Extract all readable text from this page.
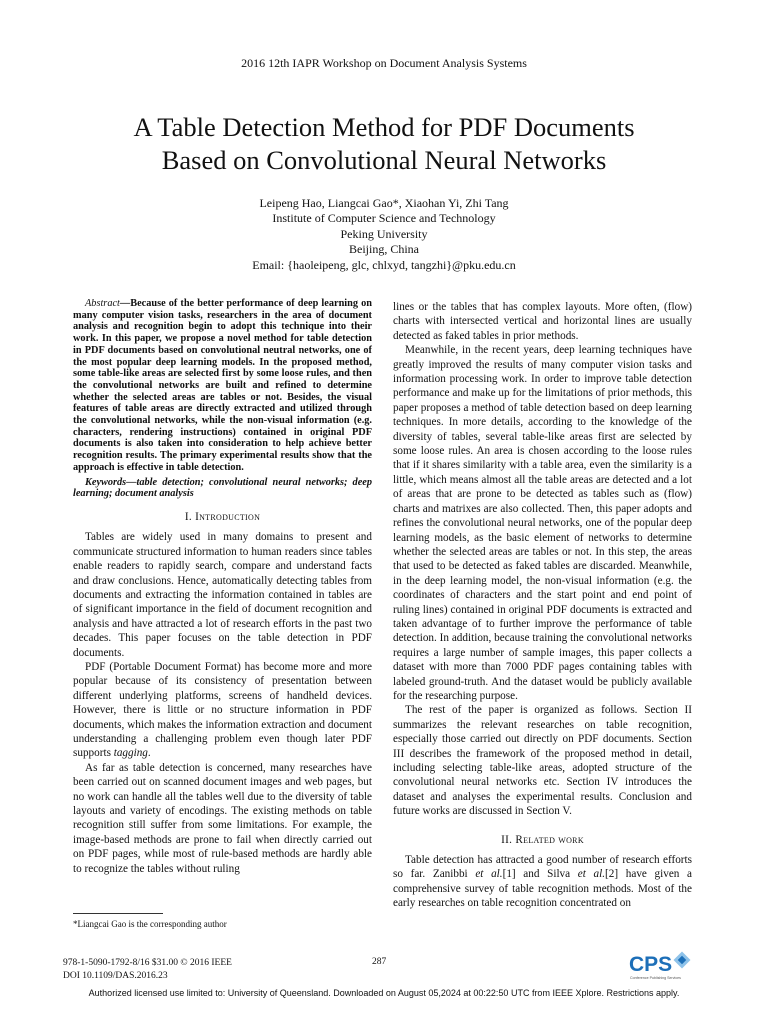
2016 12th IAPR Workshop on Document Analysis Systems
A Table Detection Method for PDF Documents
Based on Convolutional Neural Networks
Leipeng Hao, Liangcai Gao*, Xiaohan Yi, Zhi Tang
Institute of Computer Science and Technology
Peking University
Beijing, China
Email: {haoleipeng, glc, chlxyd, tangzhi}@pku.edu.cn

Abstract—Because of the better performance of deep learning on many computer vision tasks, researchers in the area of document analysis and recognition begin to adopt this technique into their work. In this paper, we propose a novel method for table detection in PDF documents based on convolutional neutral networks, one of the most popular deep learning models. In the proposed method, some table-like areas are selected first by some loose rules, and then the convolutional networks are built and refined to determine whether the selected areas are tables or not. Besides, the visual features of table areas are directly extracted and utilized through the convolutional networks, while the non-visual information (e.g. characters, rendering instructions) contained in original PDF documents is also taken into consideration to help achieve better recognition results. The primary experimental results show that the approach is effective in table detection.

Keywords—table detection; convolutional neural networks; deep learning; document analysis

I. Introduction

Tables are widely used in many domains to present and communicate structured information to human readers since tables enable readers to rapidly search, compare and understand facts and draw conclusions. Hence, automatically detecting tables from documents and extracting the information contained in tables are of significant importance in the field of document recognition and analysis and have attracted a lot of research efforts in the past two decades. This paper focuses on the table detection in PDF documents.

PDF (Portable Document Format) has become more and more popular because of its consistency of presentation between different underlying platforms, screens of handheld devices. However, there is little or no structure information in PDF documents, which makes the information extraction and document understanding a challenging problem even though later PDF supports tagging.

As far as table detection is concerned, many researches have been carried out on scanned document images and web pages, but no work can handle all the tables well due to the diversity of table layouts and variety of encodings. The existing methods on table recognition still suffer from some limitations. For example, the image-based methods are prone to fail when directly carried out on PDF pages, while most of rule-based methods are hardly able to recognize the tables without ruling

lines or the tables that has complex layouts. More often, (flow) charts with intersected vertical and horizontal lines are usually detected as faked tables in prior methods.

Meanwhile, in the recent years, deep learning techniques have greatly improved the results of many computer vision tasks and information processing work. In order to improve table detection performance and make up for the limitations of prior methods, this paper proposes a method of table detection based on deep learning techniques. In more details, according to the knowledge of the diversity of tables, several table-like areas first are selected by some loose rules. An area is chosen according to the loose rules that if it shares similarity with a table area, even the similarity is a little, which means almost all the table areas are detected and a lot of areas that are prone to be detected as tables such as (flow) charts and matrixes are also collected. Then, this paper adopts and refines the convolutional neural networks, one of the popular deep learning models, as the basic element of networks to determine whether the selected areas are tables or not. In this step, the areas that used to be detected as faked tables are discarded. Meanwhile, in the deep learning model, the non-visual information (e.g. the coordinates of characters and the start point and end point of ruling lines) contained in original PDF documents is extracted and taken advantage of to further improve the performance of table detection. In addition, because training the convolutional networks requires a large number of sample images, this paper collects a dataset with more than 7000 PDF pages containing tables with labeled ground-truth. And the dataset would be publicly available for the researching purpose.

The rest of the paper is organized as follows. Section II summarizes the relevant researches on table recognition, especially those carried out directly on PDF documents. Section III describes the framework of the proposed method in detail, including selecting table-like areas, adopted structure of the convolutional neural networks etc. Section IV introduces the dataset and analyses the experimental results. Conclusion and future works are discussed in Section V.

II. Related work

Table detection has attracted a good number of research efforts so far. Zanibbi et al.[1] and Silva et al.[2] have given a comprehensive survey of table recognition methods. Most of the early researches on table recognition concentrated on

*Liangcai Gao is the corresponding author
978-1-5090-1792-8/16 $31.00 © 2016 IEEE
DOI 10.1109/DAS.2016.23
287	CPS
Conference Publishing Services
Authorized licensed use limited to: University of Queensland. Downloaded on August 05,2024 at 00:22:50 UTC from IEEE Xplore. Restrictions apply.
